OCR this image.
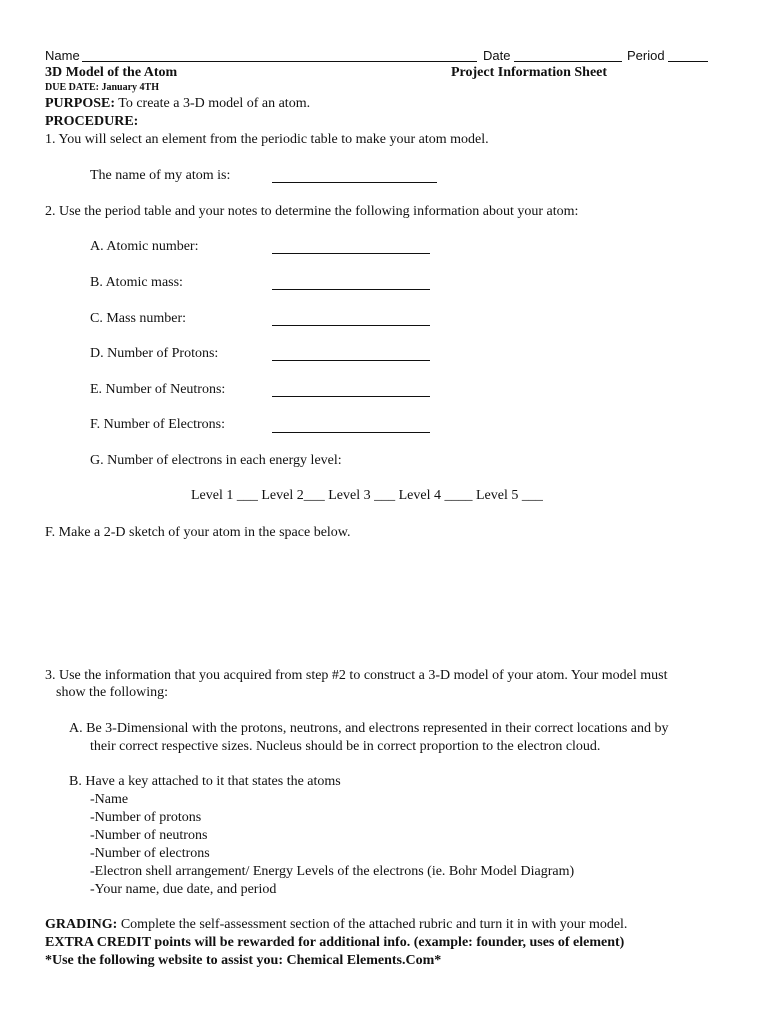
Name	Date	Period
3D Model of the Atom	Project Information Sheet
DUE DATE: January 4TH
PURPOSE: To create a 3-D model of an atom.
PROCEDURE:
1. You will select an element from the periodic table to make your atom model.
The name of my atom is:
2. Use the period table and your notes to determine the following information about your atom:
A. Atomic number:
B. Atomic mass:
C. Mass number:
D. Number of Protons:
E. Number of Neutrons:
F. Number of Electrons:
G. Number of electrons in each energy level:
Level 1 ___ Level 2___ Level 3 ___ Level 4 ____ Level 5 ___
F. Make a 2-D sketch of your atom in the space below.
3. Use the information that you acquired from step #2 to construct a 3-D model of your atom. Your model must
show the following:
A. Be 3-Dimensional with the protons, neutrons, and electrons represented in their correct locations and by
their correct respective sizes. Nucleus should be in correct proportion to the electron cloud.
B. Have a key attached to it that states the atoms
-Name
-Number of protons
-Number of neutrons
-Number of electrons
-Electron shell arrangement/ Energy Levels of the electrons (ie. Bohr Model Diagram)
-Your name, due date, and period
GRADING: Complete the self-assessment section of the attached rubric and turn it in with your model.
EXTRA CREDIT points will be rewarded for additional info. (example: founder, uses of element)
*Use the following website to assist you: Chemical Elements.Com*
